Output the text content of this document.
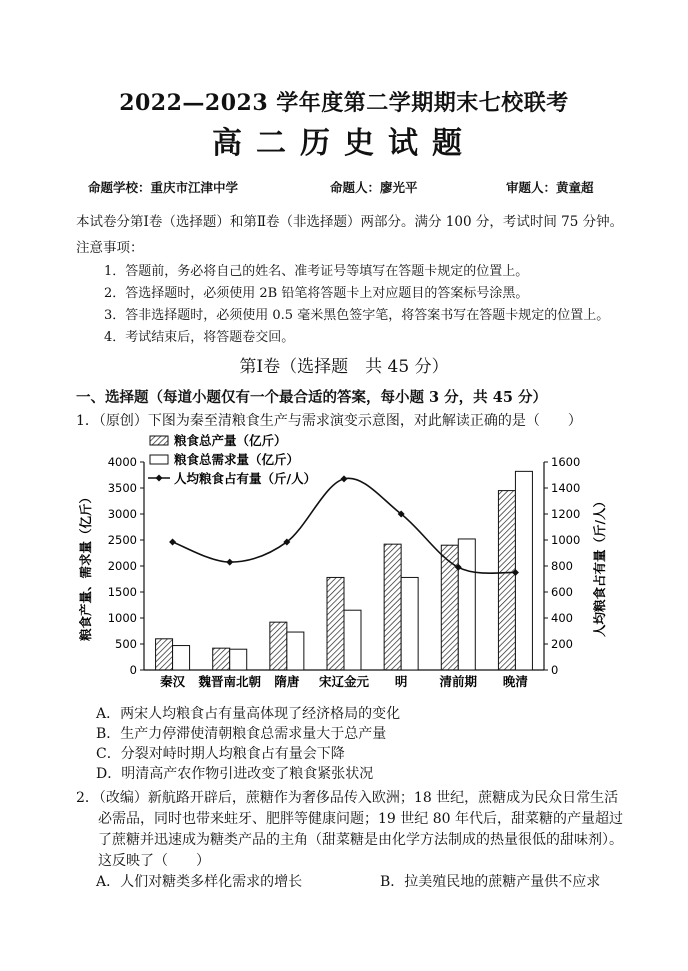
2022—2023 学年度第二学期期末七校联考
高二历史试题
命题学校：重庆市江津中学	命题人：廖光平	审题人：黄童超
本试卷分第Ⅰ卷（选择题）和第Ⅱ卷（非选择题）两部分。满分 100 分，考试时间 75 分钟。
注意事项：
1．答题前，务必将自己的姓名、准考证号等填写在答题卡规定的位置上。
2．答选择题时，必须使用 2B 铅笔将答题卡上对应题目的答案标号涂黑。
3．答非选择题时，必须使用 0.5 毫米黑色签字笔，将答案书写在答题卡规定的位置上。
4．考试结束后，将答题卷交回。
第Ⅰ卷（选择题　共 45 分）
一、选择题（每道小题仅有一个最合适的答案，每小题 3 分，共 45 分）
1．（原创）下图为秦至清粮食生产与需求演变示意图，对此解读正确的是（　　）
0
500
1000
1500
2000
2500
3000
3500
4000
0
200
400
600
800
1000
1200
1400
1600
粮食产量、需求量（亿斤）	人均粮食占有量（斤/人）
秦汉 魏晋南北朝 隋唐 宋辽金元 明	清前期 晚清
粮食总产量（亿斤）
粮食总需求量（亿斤）
人均粮食占有量（斤/人）
A．两宋人均粮食占有量高体现了经济格局的变化
B．生产力停滞使清朝粮食总需求量大于总产量
C．分裂对峙时期人均粮食占有量会下降
D．明清高产农作物引进改变了粮食紧张状况
2．（改编）新航路开辟后，蔗糖作为奢侈品传入欧洲；18 世纪，蔗糖成为民众日常生活
必需品，同时也带来蛀牙、肥胖等健康问题；19 世纪 80 年代后，甜菜糖的产量超过
了蔗糖并迅速成为糖类产品的主角（甜菜糖是由化学方法制成的热量很低的甜味剂）。
这反映了（　　）
A．人们对糖类多样化需求的增长	B．拉美殖民地的蔗糖产量供不应求
